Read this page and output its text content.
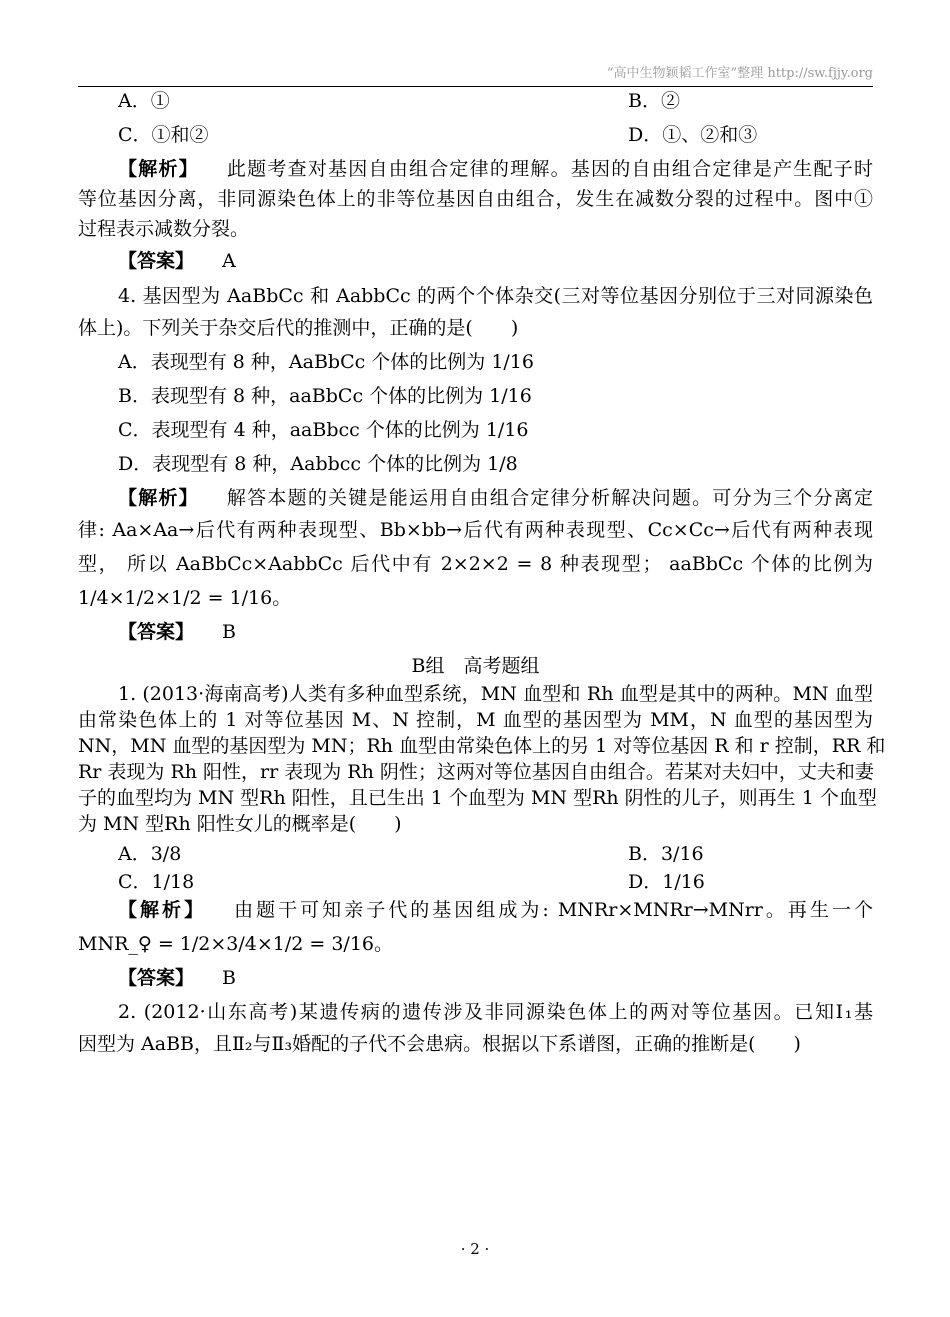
“高中生物颖韬工作室”整理 http://sw.fjjy.org
A．①	B．②
C．①和②	D．①、②和③
【解析】 此题考查对基因自由组合定律的理解。基因的自由组合定律是产生配子时
等位基因分离，非同源染色体上的非等位基因自由组合，发生在减数分裂的过程中。图中①
过程表示减数分裂。
【答案】 A
4. 基因型为 AaBbCc 和 AabbCc 的两个个体杂交(三对等位基因分别位于三对同源染色
体上)。下列关于杂交后代的推测中，正确的是(　　)
A．表现型有 8 种，AaBbCc 个体的比例为 1/16
B．表现型有 8 种，aaBbCc 个体的比例为 1/16
C．表现型有 4 种，aaBbcc 个体的比例为 1/16
D．表现型有 8 种，Aabbcc 个体的比例为 1/8
【解析】 解答本题的关键是能运用自由组合定律分析解决问题。可分为三个分离定
律: Aa×Aa→后代有两种表现型、Bb×bb→后代有两种表现型、Cc×Cc→后代有两种表现
型， 所以 AaBbCc×AabbCc 后代中有 2×2×2 = 8 种表现型； aaBbCc 个体的比例为
1/4×1/2×1/2 = 1/16。
【答案】 B
B组　高考题组
1. (2013·海南高考)人类有多种血型系统，MN 血型和 Rh 血型是其中的两种。MN 血型
由常染色体上的 1 对等位基因 M、N 控制，M 血型的基因型为 MM，N 血型的基因型为
NN，MN 血型的基因型为 MN；Rh 血型由常染色体上的另 1 对等位基因 R 和 r 控制，RR 和
Rr 表现为 Rh 阳性，rr 表现为 Rh 阴性；这两对等位基因自由组合。若某对夫妇中，丈夫和妻
子的血型均为 MN 型Rh 阳性，且已生出 1 个血型为 MN 型Rh 阴性的儿子，则再生 1 个血型
为 MN 型Rh 阳性女儿的概率是(　　)
A．3/8	B．3/16
C．1/18	D．1/16
【解析】 由题干可知亲子代的基因组成为: MNRr×MNRr→MNrr。再生一个
MNR_♀ = 1/2×3/4×1/2 = 3/16。
【答案】 B
2. (2012·山东高考)某遗传病的遗传涉及非同源染色体上的两对等位基因。已知Ⅰ₁基
因型为 AaBB，且Ⅱ₂与Ⅱ₃婚配的子代不会患病。根据以下系谱图，正确的推断是(　　)
· 2 ·
